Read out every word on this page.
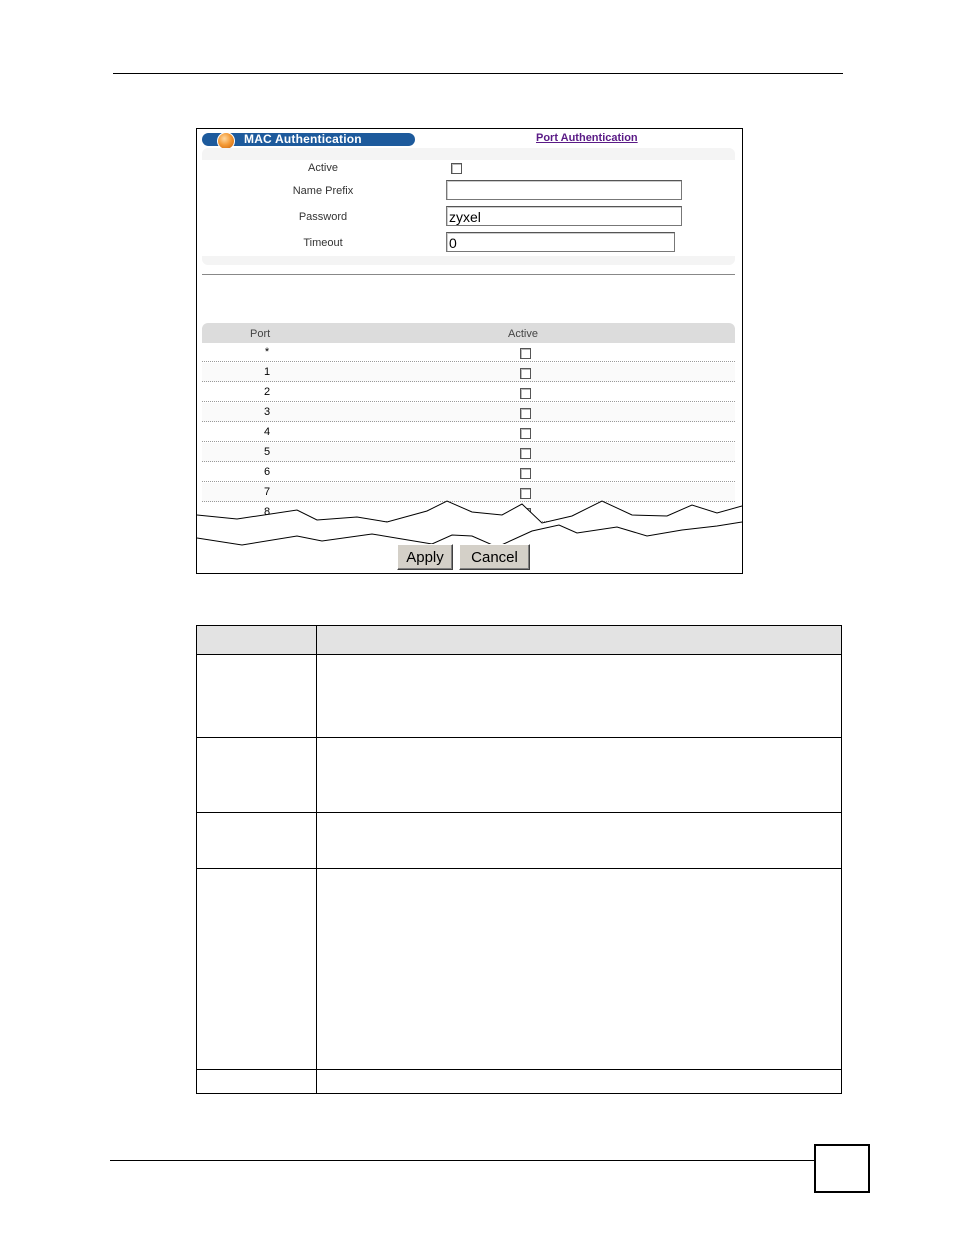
MAC Authentication	Port Authentication
Active
Name Prefix
Password	zyxel
Timeout	0
Port	Active
*
1
2
3
4
5
6
7
8
Apply	Cancel
